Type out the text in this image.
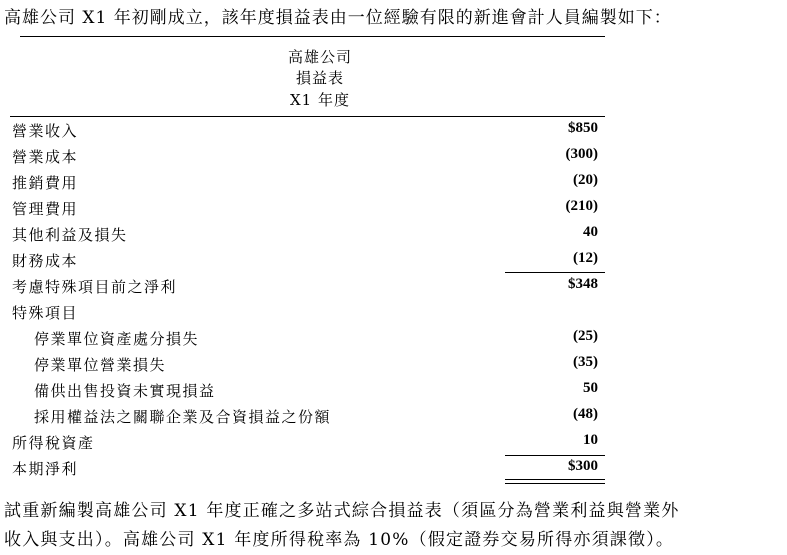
高雄公司 X1 年初剛成立，該年度損益表由一位經驗有限的新進會計人員編製如下：
高雄公司
損益表
X1 年度
營業收入	$850
營業成本	(300)
推銷費用	(20)
管理費用	(210)
其他利益及損失	40
財務成本	(12)
考慮特殊項目前之淨利	$348
特殊項目
停業單位資產處分損失	(25)
停業單位營業損失	(35)
備供出售投資未實現損益	50
採用權益法之關聯企業及合資損益之份額	(48)
所得稅資產	10
本期淨利	$300
試重新編製高雄公司 X1 年度正確之多站式綜合損益表（須區分為營業利益與營業外
收入與支出）。高雄公司 X1 年度所得稅率為 10%（假定證券交易所得亦須課徵）。
